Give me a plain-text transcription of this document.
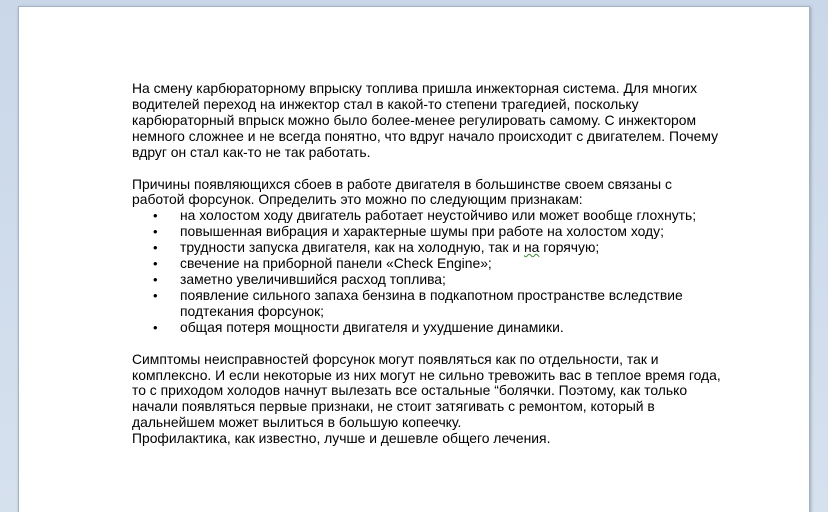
На смену карбюраторному впрыску топлива пришла инжекторная система. Для многих
водителей переход на инжектор стал в какой-то степени трагедией, поскольку
карбюраторный впрыск можно было более-менее регулировать самому. С инжектором
немного сложнее и не всегда понятно, что вдруг начало происходит с двигателем. Почему
вдруг он стал как-то не так работать.

Причины появляющихся сбоев в работе двигателя в большинстве своем связаны с
работой форсунок. Определить это можно по следующим признакам:

• на холостом ходу двигатель работает неустойчиво или может вообще глохнуть;
• повышенная вибрация и характерные шумы при работе на холостом ходу;
• трудности запуска двигателя, как на холодную, так и на горячую;
• свечение на приборной панели «Check Engine»;
• заметно увеличившийся расход топлива;
• появление сильного запаха бензина в подкапотном пространстве вследствие
подтекания форсунок;
• общая потеря мощности двигателя и ухудшение динамики.

Симптомы неисправностей форсунок могут появляться как по отдельности, так и
комплексно. И если некоторые из них могут не сильно тревожить вас в теплое время года,
то с приходом холодов начнут вылезать все остальные “болячки. Поэтому, как только
начали появляться первые признаки, не стоит затягивать с ремонтом, который в
дальнейшем может вылиться в большую копеечку.
Профилактика, как известно, лучше и дешевле общего лечения.
